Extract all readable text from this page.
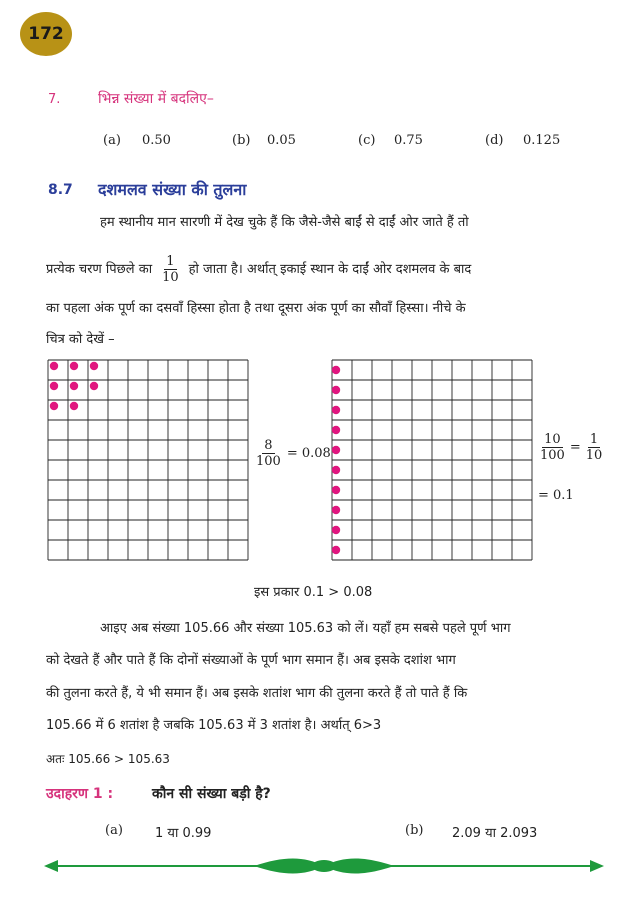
172
7.	भिन्न संख्या में बदलिए–
(a) 0.50	(b) 0.05	(c) 0.75	(d) 0.125
8.7 दशमलव संख्या की तुलना
हम स्थानीय मान सारणी में देख चुके हैं कि जैसे-जैसे बाईं से दाईं ओर जाते हैं तो
प्रत्येक चरण पिछले का $\frac{1}{10}$ हो जाता है। अर्थात् इकाई स्थान के दाईं ओर दशमलव के बाद
का पहला अंक पूर्ण का दसवाँ हिस्सा होता है तथा दूसरा अंक पूर्ण का सौवाँ हिस्सा। नीचे के
चित्र को देखें –
$\frac{8}{100} = 0.08$	$\frac{10}{100} = \frac{1}{10}$
= 0.1
इस प्रकार 0.1 > 0.08
आइए अब संख्या 105.66 और संख्या 105.63 को लें। यहाँ हम सबसे पहले पूर्ण भाग
को देखते हैं और पाते हैं कि दोनों संख्याओं के पूर्ण भाग समान हैं। अब इसके दशांश भाग
की तुलना करते हैं, ये भी समान हैं। अब इसके शतांश भाग की तुलना करते हैं तो पाते हैं कि
105.66 में 6 शतांश है जबकि 105.63 में 3 शतांश है। अर्थात् 6>3
अतः 105.66 > 105.63
उदाहरण 1 :	कौन सी संख्या बड़ी है?
(a) 1 या 0.99	(b) 2.09 या 2.093
